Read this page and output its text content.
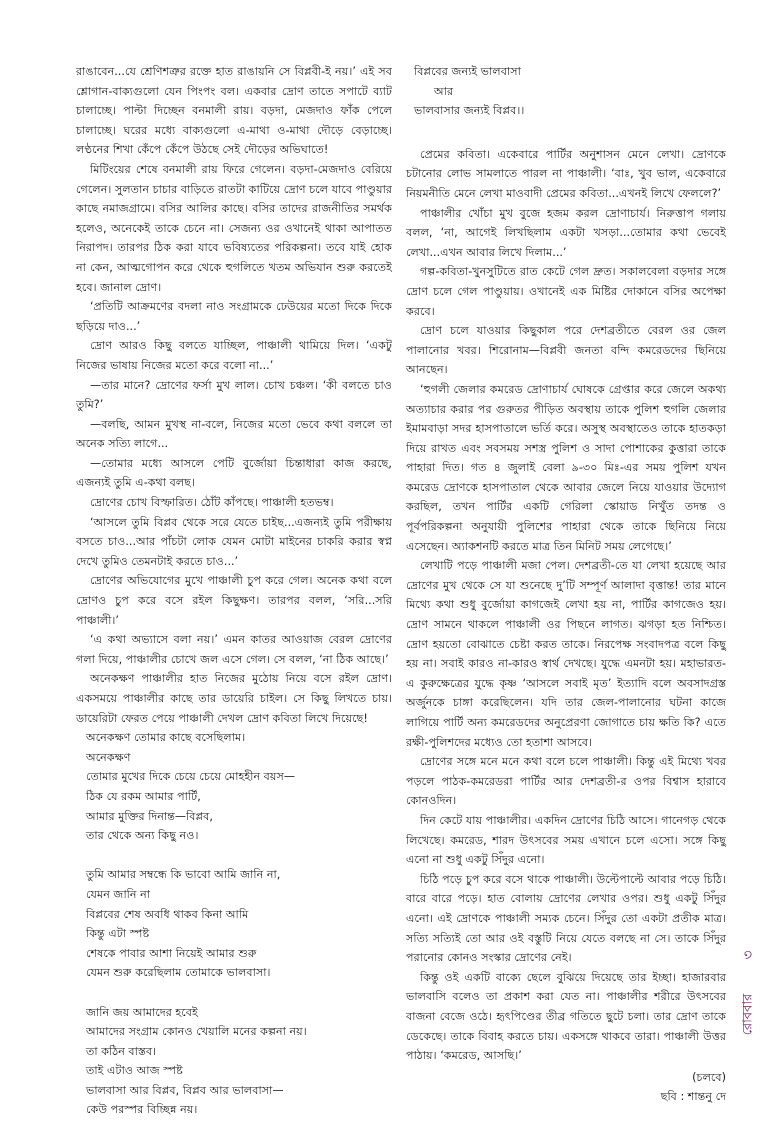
রাঙাবেন...যে শ্রেণিশত্রুর রক্তে হাত রাঙায়নি সে বিপ্লবী-ই নয়।’ এই সব শ্লোগান-বাক্যগুলো যেন পিংপং বল। একবার দ্রোণ তাতে সপাটে ব্যাট চালাচ্ছে। পাল্টা দিচ্ছেন বনমালী রায়। বড়দা, মেজদাও ফাঁক পেলে চালাচ্ছে। ঘরের মধ্যে বাক্যগুলো এ-মাথা ও-মাথা দৌড়ে বেড়াচ্ছে। লণ্ঠনের শিখা কেঁপে কেঁপে উঠছে সেই দৌড়ের অভিঘাতে!

মিটিংয়ের শেষে বনমালী রায় ফিরে গেলেন। বড়দা-মেজদাও বেরিয়ে গেলেন। সুলতান চাচার বাড়িতে রাতটা কাটিয়ে দ্রোণ চলে যাবে পাণ্ডুয়ার কাছে নমাজগ্রামে। বসির আলির কাছে। বসির তাদের রাজনীতির সমর্থক হলেও, অনেকেই তাকে চেনে না। সেজন্য ওর ওখানেই থাকা আপাতত নিরাপদ। তারপর ঠিক করা যাবে ভবিষ্যতের পরিকল্পনা। তবে যাই হোক না কেন, আত্মগোপন করে থেকে হুগলিতে খতম অভিযান শুরু করতেই হবে। জানাল দ্রোণ।

‘প্রতিটি আক্রমণের বদলা নাও সংগ্রামকে ঢেউয়ের মতো দিকে দিকে ছড়িয়ে দাও...’

দ্রোণ আরও কিছু বলতে যাচ্ছিল, পাঞ্চালী থামিয়ে দিল। ‘একটু নিজের ভাষায় নিজের মতো করে বলো না...’

—তার মানে? দ্রোণের ফর্সা মুখ লাল। চোখ চঞ্চল। ‘কী বলতে চাও তুমি?’

—বলছি, আমন মুখস্থ না-বলে, নিজের মতো ভেবে কথা বললে তা অনেক সত্যি লাগে...

—তোমার মধ্যে আসলে পেটি বুর্জোয়া চিন্তাধারা কাজ করছে, এজন্যই তুমি এ-কথা বলছ।

দ্রোণের চোখ বিস্ফারিত। ঠোঁট কাঁপছে। পাঞ্চালী হতভম্ব।

‘আসলে তুমি বিপ্লব থেকে সরে যেতে চাইছ...এজন্যই তুমি পরীক্ষায় বসতে চাও...আর পাঁচটা লোক যেমন মোটা মাইনের চাকরি করার স্বপ্ন দেখে তুমিও তেমনটাই করতে চাও...’

দ্রোণের অভিযোগের মুখে পাঞ্চালী চুপ করে গেল। অনেক কথা বলে দ্রোণও চুপ করে বসে রইল কিছুক্ষণ। তারপর বলল, ‘সরি...সরি পাঞ্চালী।’

‘এ কথা অভ্যাসে বলা নয়।’ এমন কাতর আওয়াজ বেরল দ্রোণের গলা দিয়ে, পাঞ্চালীর চোখে জল এসে গেল। সে বলল, ‘না ঠিক আছে।’

অনেকক্ষণ পাঞ্চালীর হাত নিজের মুঠোয় নিয়ে বসে রইল দ্রোণ। একসময়ে পাঞ্চালীর কাছে তার ডায়েরি চাইল। সে কিছু লিখতে চায়। ডায়েরিটা ফেরত পেয়ে পাঞ্চালী দেখল দ্রোণ কবিতা লিখে দিয়েছে!

অনেকক্ষণ তোমার কাছে বসেছিলাম।
অনেকক্ষণ
তোমার মুখের দিকে চেয়ে চেয়ে মোহহীন বয়স—
ঠিক যে রকম আমার পার্টি,
আমার মুক্তির দিনান্ত—বিপ্লব,
তার থেকে অন্য কিছু নও।
তুমি আমার সম্বন্ধে কি ভাবো আমি জানি না,
যেমন জানি না
বিপ্লবের শেষ অবধি থাকব কিনা আমি
কিন্তু এটা স্পষ্ট
শেষকে পাবার আশা নিয়েই আমার শুরু
যেমন শুরু করেছিলাম তোমাকে ভালবাসা।
জানি জয় আমাদের হবেই
আমাদের সংগ্রাম কোনও খেয়ালি মনের কল্পনা নয়।
তা কঠিন বাস্তব।
তাই এটাও আজ স্পষ্ট
ভালবাসা আর বিপ্লব, বিপ্লব আর ভালবাসা—
কেউ পরস্পর বিচ্ছিন্ন নয়।
বিপ্লবের জন্যই ভালবাসা
আর
ভালবাসার জন্যই বিপ্লব।।

প্রেমের কবিতা। একেবারে পার্টির অনুশাসন মেনে লেখা। দ্রোণকে চটানোর লোভ সামলাতে পারল না পাঞ্চালী। ‘বাঃ, খুব ভাল, একেবারে নিয়মনীতি মেনে লেখা মাওবাদী প্রেমের কবিতা...এখনই লিখে ফেললে?’

পাঞ্চালীর খোঁচা মুখ বুজে হজম করল দ্রোণাচার্য। নিরুত্তাপ গলায় বলল, ‘না, আগেই লিখছিলাম একটা খসড়া...তোমার কথা ভেবেই লেখা...এখন আবার লিখে দিলাম...’

গল্প-কবিতা-খুনসুটিতে রাত কেটে গেল দ্রুত। সকালবেলা বড়দার সঙ্গে দ্রোণ চলে গেল পাণ্ডুয়ায়। ওখানেই এক মিষ্টির দোকানে বসির অপেক্ষা করবে।

দ্রোণ চলে যাওয়ার কিছুকাল পরে দেশব্রতীতে বেরল ওর জেল পালানোর খবর। শিরোনাম—বিপ্লবী জনতা বন্দি কমরেডদের ছিনিয়ে আনছেন।

‘হুগলী জেলার কমরেড দ্রোণাচার্য ঘোষকে গ্রেপ্তার করে জেলে অকথ্য অত্যাচার করার পর গুরুতর পীড়িত অবস্থায় তাকে পুলিশ হুগলি জেলার ইমামবাড়া সদর হাসপাতালে ভর্তি করে। অসুস্থ অবস্থাতেও তাকে হাতকড়া দিয়ে রাখত এবং সবসময় সশস্ত্র পুলিশ ও সাদা পোশাকের কুত্তারা তাকে পাহারা দিত। গত ৪ জুলাই বেলা ৯-৩০ মিঃ-এর সময় পুলিশ যখন কমরেড দ্রোণকে হাসপাতাল থেকে আবার জেলে নিয়ে যাওয়ার উদ্যোগ করছিল, তখন পার্টির একটি গেরিলা স্কোয়াড নিখুঁত তদন্ত ও পূর্বপরিকল্পনা অনুযায়ী পুলিশের পাহারা থেকে তাকে ছিনিয়ে নিয়ে এসেছেন। অ্যাকশনটি করতে মাত্র তিন মিনিট সময় লেগেছে।’

লেখাটি পড়ে পাঞ্চালী মজা পেল। দেশব্রতী-তে যা লেখা হয়েছে আর দ্রোণের মুখ থেকে সে যা শুনেছে দু’টি সম্পূর্ণ আলাদা বৃত্তান্ত! তার মানে মিথ্যে কথা শুধু বুর্জোয়া কাগজেই লেখা হয় না, পার্টির কাগজেও হয়। দ্রোণ সামনে থাকলে পাঞ্চালী ওর পিছনে লাগত। ঝগড়া হত নিশ্চিত। দ্রোণ হয়তো বোঝাতে চেষ্টা করত তাকে। নিরপেক্ষ সংবাদপত্র বলে কিছু হয় না। সবাই কারও না-কারও স্বার্থ দেখছে। যুদ্ধে এমনটা হয়। মহাভারত-এ কুরুক্ষেত্রের যুদ্ধে কৃষ্ণ ‘আসলে সবাই মৃত’ ইত্যাদি বলে অবসাদগ্রস্ত অর্জুনকে চাঙ্গা করেছিলেন। যদি তার জেল-পালানোর ঘটনা কাজে লাগিয়ে পার্টি অন্য কমরেডদের অনুপ্রেরণা জোগাতে চায় ক্ষতি কি? এতে রক্ষী-পুলিশদের মধ্যেও তো হতাশা আসবে।

দ্রোণের সঙ্গে মনে মনে কথা বলে চলে পাঞ্চালী। কিন্তু এই মিথ্যে খবর পড়লে পাঠক-কমরেডরা পার্টির আর দেশব্রতী-র ওপর বিশ্বাস হারাবে কোনওদিন।

দিন কেটে যায় পাঞ্চালীর। একদিন দ্রোণের চিঠি আসে। গানেগড় থেকে লিখেছে। কমরেড, শারদ উৎসবের সময় এখানে চলে এসো। সঙ্গে কিছু এনো না শুধু একটু সিঁদুর এনো।

চিঠি পড়ে চুপ করে বসে থাকে পাঞ্চালী। উল্টেপাল্টে আবার পড়ে চিঠি। বারে বারে পড়ে। হাত বোলায় দ্রোণের লেখার ওপর। শুধু একটু সিঁদুর এনো। এই দ্রোণকে পাঞ্চালী সম্যক চেনে। সিঁদুর তো একটা প্রতীক মাত্র। সত্যি সত্যিই তো আর ওই বস্তুটি নিয়ে যেতে বলছে না সে। তাকে সিঁদুর পরানোর কোনও সংস্কার দ্রোণের নেই।

কিন্তু ওই একটি বাক্যে ছেলে বুঝিয়ে দিয়েছে তার ইচ্ছা। হাজারবার ভালবাসি বলেও তা প্রকাশ করা যেত না। পাঞ্চালীর শরীরে উৎসবের বাজনা বেজে ওঠে। হৃৎপিণ্ডের তীব্র গতিতে ছুটে চলা। তার দ্রোণ তাকে ডেকেছে। তাকে বিবাহ করতে চায়। একসঙ্গে থাকবে তারা। পাঞ্চালী উত্তর পাঠায়। ‘কমরেড, আসছি।’

(চলবে)
ছবি : শান্তনু দে
৩
রোববার
